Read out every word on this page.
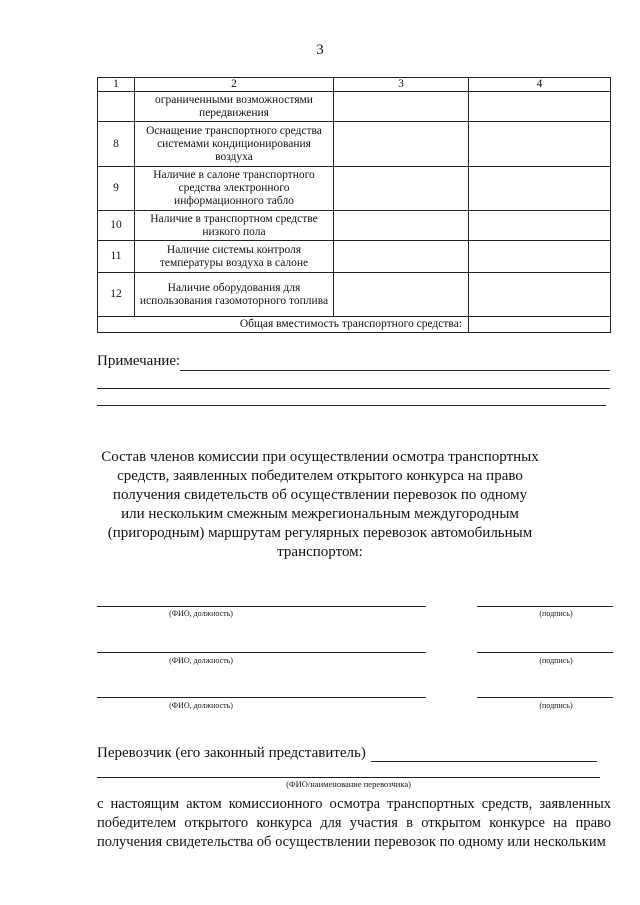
3
1	2	3	4
	ограниченными возможностями передвижения		
8	Оснащение транспортного средства системами кондиционирования воздуха		
9	Наличие в салоне транспортного средства электронного информационного табло		
10	Наличие в транспортном средстве низкого пола		
11	Наличие системы контроля температуры воздуха в салоне		
12	Наличие оборудования для использования газомоторного топлива		
Общая вместимость транспортного средства:			
Примечание:
Состав членов комиссии при осуществлении осмотра транспортных средств, заявленных победителем открытого конкурса на право получения свидетельств об осуществлении перевозок по одному или нескольким смежным межрегиональным междугородным (пригородным) маршрутам регулярных перевозок автомобильным транспортом:
(ФИО, должность)	(подпись)
(ФИО, должность)	(подпись)
(ФИО, должность)	(подпись)
Перевозчик (его законный представитель)
(ФИО/наименование перевозчика)
с настоящим актом комиссионного осмотра транспортных средств, заявленных победителем открытого конкурса для участия в открытом конкурсе на право получения свидетельства об осуществлении перевозок по одному или нескольким
